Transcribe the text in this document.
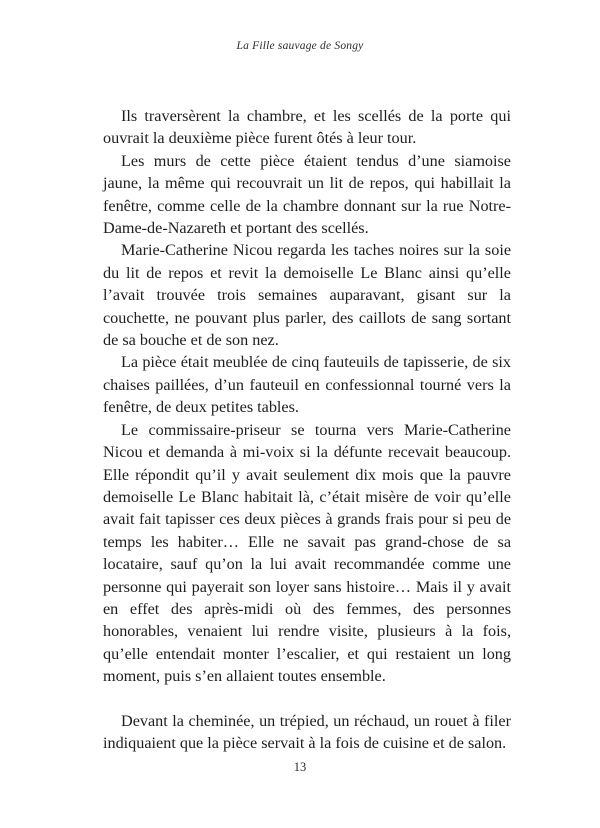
La Fille sauvage de Songy

Ils traversèrent la chambre, et les scellés de la porte qui ouvrait la deuxième pièce furent ôtés à leur tour.

Les murs de cette pièce étaient tendus d’une siamoise jaune, la même qui recouvrait un lit de repos, qui habillait la fenêtre, comme celle de la chambre donnant sur la rue Notre-Dame-de-Nazareth et portant des scellés.

Marie-Catherine Nicou regarda les taches noires sur la soie du lit de repos et revit la demoiselle Le Blanc ainsi qu’elle l’avait trouvée trois semaines auparavant, gisant sur la couchette, ne pouvant plus parler, des caillots de sang sortant de sa bouche et de son nez.

La pièce était meublée de cinq fauteuils de tapisserie, de six chaises paillées, d’un fauteuil en confessionnal tourné vers la fenêtre, de deux petites tables.

Le commissaire-priseur se tourna vers Marie-Catherine Nicou et demanda à mi-voix si la défunte recevait beaucoup. Elle répondit qu’il y avait seulement dix mois que la pauvre demoiselle Le Blanc habitait là, c’était misère de voir qu’elle avait fait tapisser ces deux pièces à grands frais pour si peu de temps les habiter… Elle ne savait pas grand-chose de sa locataire, sauf qu’on la lui avait recommandée comme une personne qui payerait son loyer sans histoire… Mais il y avait en effet des après-midi où des femmes, des personnes honorables, venaient lui rendre visite, plusieurs à la fois, qu’elle entendait monter l’escalier, et qui restaient un long moment, puis s’en allaient toutes ensemble.

Devant la cheminée, un trépied, un réchaud, un rouet à filer indiquaient que la pièce servait à la fois de cuisine et de salon.

13
